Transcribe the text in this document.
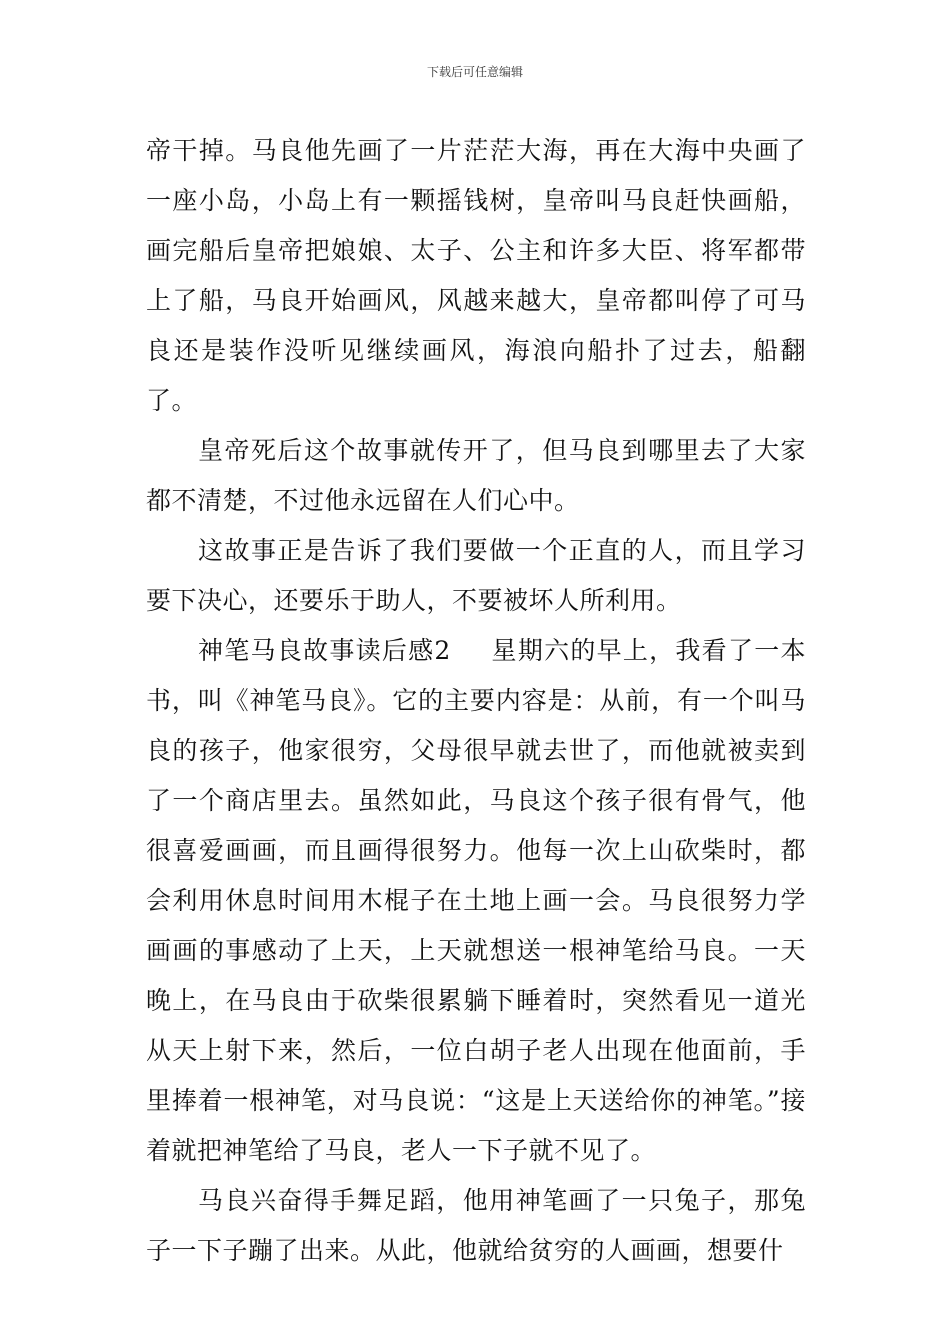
下载后可任意编辑

帝干掉。马良他先画了一片茫茫大海，再在大海中央画了一座小岛，小岛上有一颗摇钱树，皇帝叫马良赶快画船，画完船后皇帝把娘娘、太子、公主和许多大臣、将军都带上了船，马良开始画风，风越来越大，皇帝都叫停了可马良还是装作没听见继续画风，海浪向船扑了过去，船翻了。

皇帝死后这个故事就传开了，但马良到哪里去了大家都不清楚，不过他永远留在人们心中。

这故事正是告诉了我们要做一个正直的人，而且学习要下决心，还要乐于助人，不要被坏人所利用。

神笔马良故事读后感2 星期六的早上，我看了一本书，叫《神笔马良》。它的主要内容是：从前，有一个叫马良的孩子，他家很穷，父母很早就去世了，而他就被卖到了一个商店里去。虽然如此，马良这个孩子很有骨气，他很喜爱画画，而且画得很努力。他每一次上山砍柴时，都会利用休息时间用木棍子在土地上画一会。马良很努力学画画的事感动了上天，上天就想送一根神笔给马良。一天晚上，在马良由于砍柴很累躺下睡着时，突然看见一道光从天上射下来，然后，一位白胡子老人出现在他面前，手里捧着一根神笔，对马良说：“这是上天送给你的神笔。”接着就把神笔给了马良，老人一下子就不见了。

马良兴奋得手舞足蹈，他用神笔画了一只兔子，那兔子一下子蹦了出来。从此，他就给贫穷的人画画，想要什
